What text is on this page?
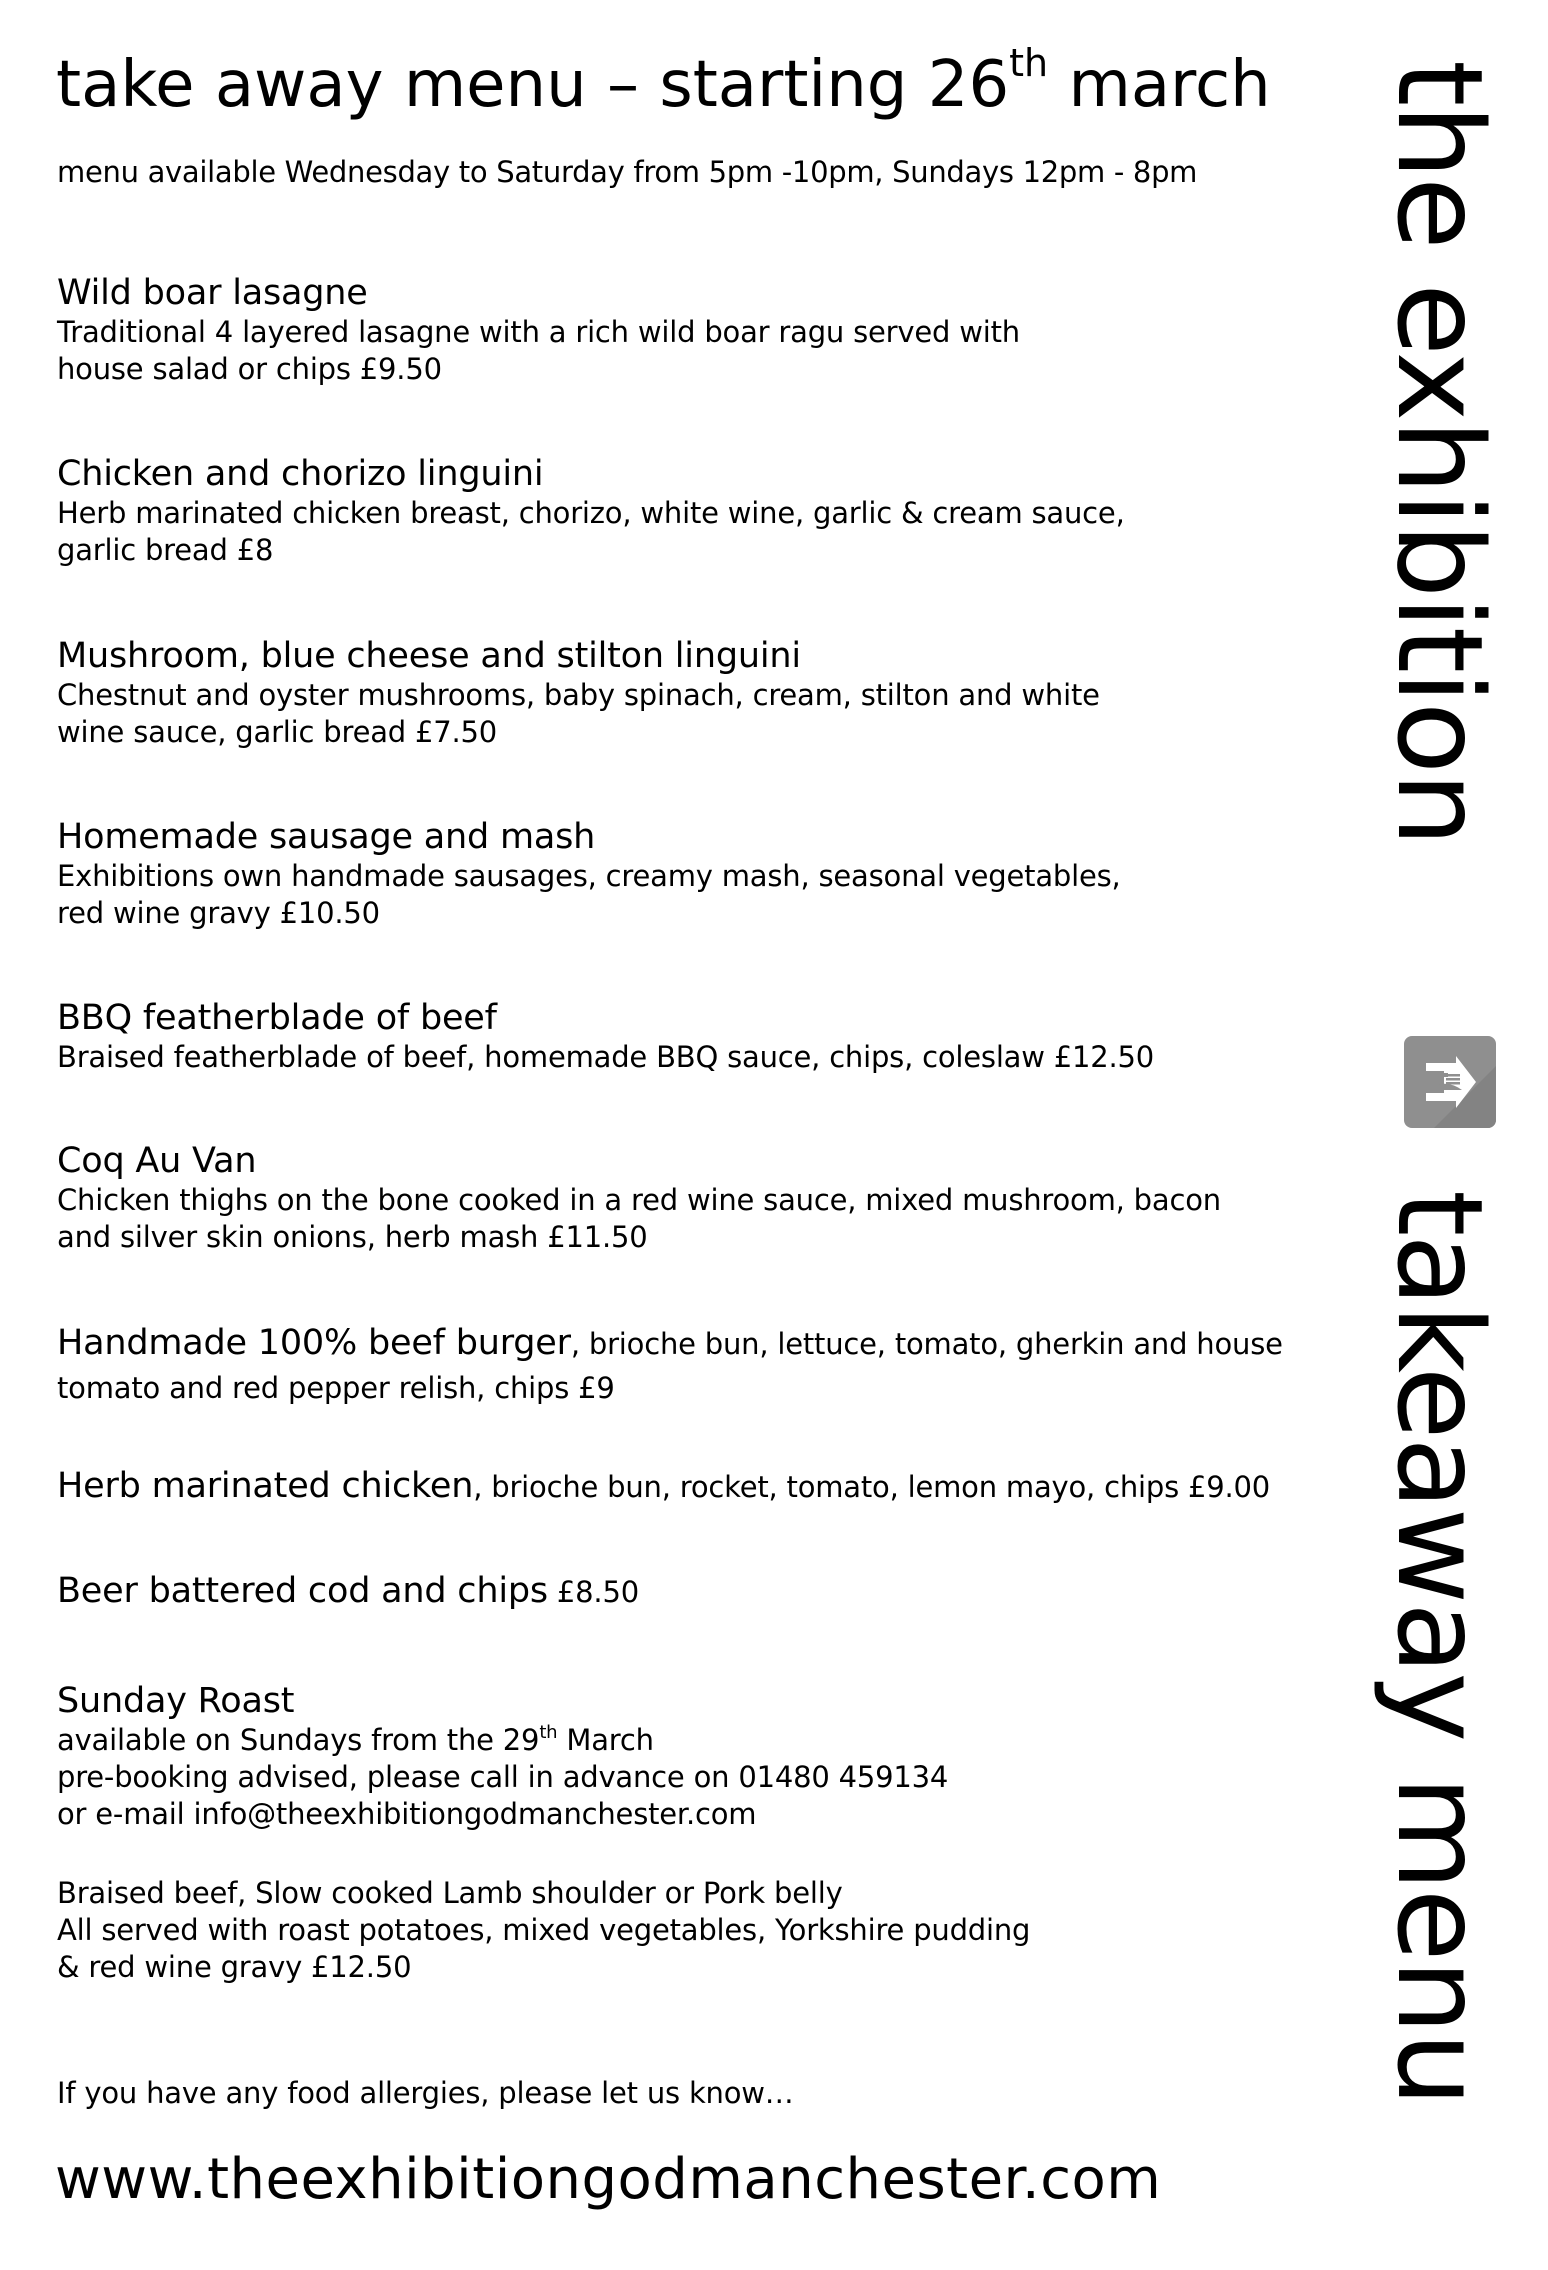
take away menu – starting 26th march
menu available Wednesday to Saturday from 5pm -10pm, Sundays 12pm - 8pm
Wild boar lasagne
Traditional 4 layered lasagne with a rich wild boar ragu served with
house salad or chips £9.50
Chicken and chorizo linguini
Herb marinated chicken breast, chorizo, white wine, garlic & cream sauce,
garlic bread £8
Mushroom, blue cheese and stilton linguini
Chestnut and oyster mushrooms, baby spinach, cream, stilton and white
wine sauce, garlic bread £7.50
Homemade sausage and mash
Exhibitions own handmade sausages, creamy mash, seasonal vegetables,
red wine gravy £10.50
BBQ featherblade of beef
Braised featherblade of beef, homemade BBQ sauce, chips, coleslaw £12.50
Coq Au Van
Chicken thighs on the bone cooked in a red wine sauce, mixed mushroom, bacon
and silver skin onions, herb mash £11.50
Handmade 100% beef burger, brioche bun, lettuce, tomato, gherkin and house
tomato and red pepper relish, chips £9
Herb marinated chicken, brioche bun, rocket, tomato, lemon mayo, chips £9.00
Beer battered cod and chips £8.50
Sunday Roast
available on Sundays from the 29th March
pre-booking advised, please call in advance on 01480 459134
or e-mail info@theexhibitiongodmanchester.com
Braised beef, Slow cooked Lamb shoulder or Pork belly
All served with roast potatoes, mixed vegetables, Yorkshire pudding
& red wine gravy £12.50
If you have any food allergies, please let us know…
www.theexhibitiongodmanchester.com
the exhibition
takeaway menu
